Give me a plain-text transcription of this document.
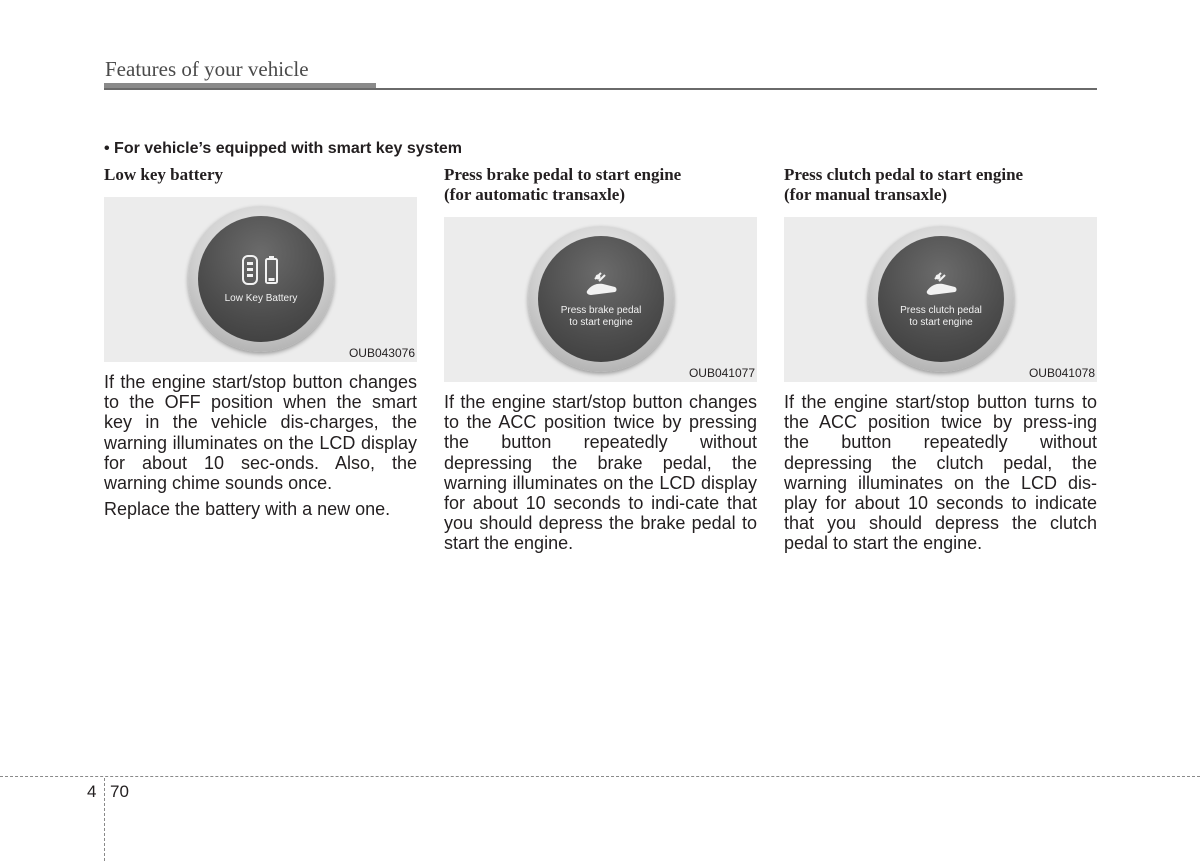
Features of your vehicle
• For vehicle’s equipped with smart key system
Low key battery
Low Key Battery
OUB043076

If the engine start/stop button changes to the OFF position when the smart key in the vehicle dis-charges, the warning illuminates on the LCD display for about 10 sec-onds. Also, the warning chime sounds once.

Replace the battery with a new one.

Press brake pedal to start engine
(for automatic transaxle)
Press brake pedal
to start engine
OUB041077

If the engine start/stop button changes to the ACC position twice by pressing the button repeatedly without depressing the brake pedal, the warning illuminates on the LCD display for about 10 seconds to indi-cate that you should depress the brake pedal to start the engine.

Press clutch pedal to start engine
(for manual transaxle)
Press clutch pedal
to start engine
OUB041078

If the engine start/stop button turns to the ACC position twice by press-ing the button repeatedly without depressing the clutch pedal, the warning illuminates on the LCD dis-play for about 10 seconds to indicate that you should depress the clutch pedal to start the engine.

4 70
